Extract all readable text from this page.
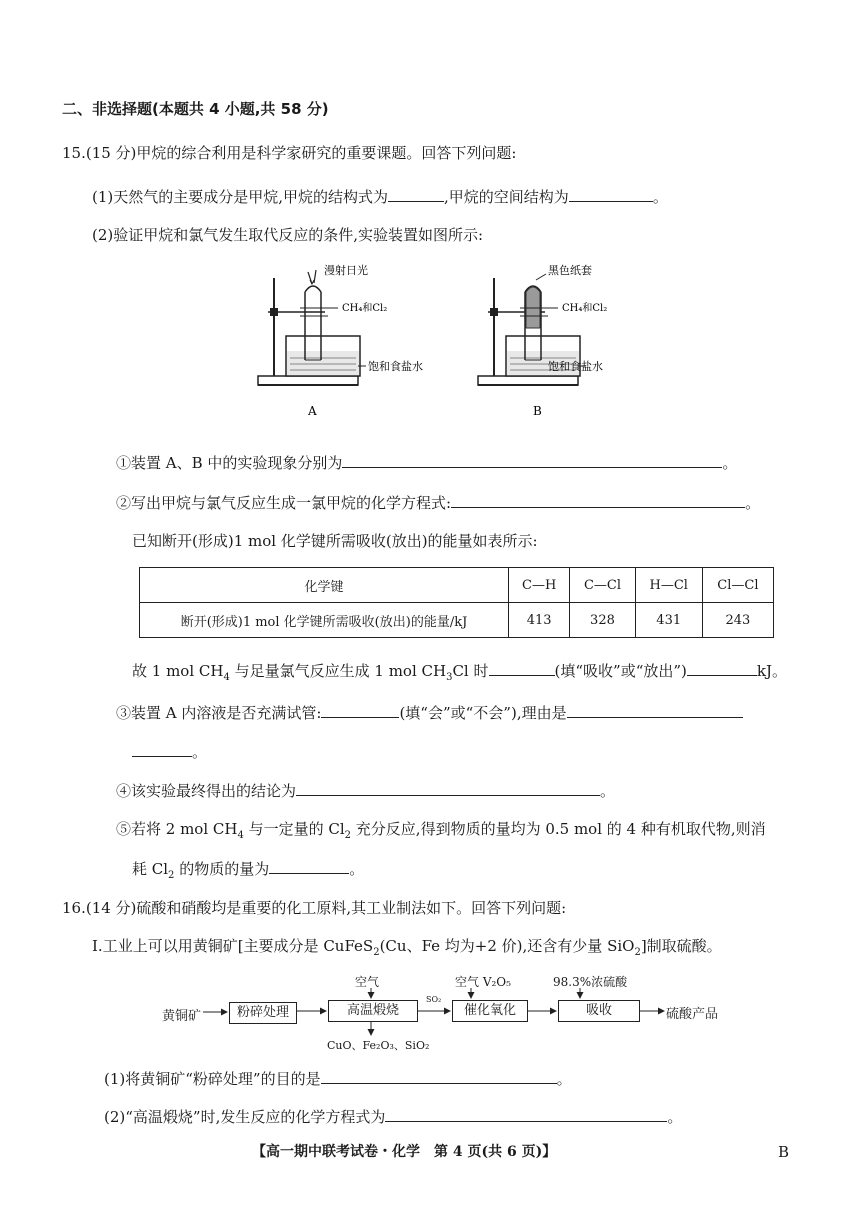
二、非选择题(本题共 4 小题,共 58 分)
15.(15 分)甲烷的综合利用是科学家研究的重要课题。回答下列问题:
(1)天然气的主要成分是甲烷,甲烷的结构式为	,甲烷的空间结构为	。
(2)验证甲烷和氯气发生取代反应的条件,实验装置如图所示:
漫射日光
CH₄和Cl₂
饱和食盐水
A
黑色纸套
CH₄和Cl₂
饱和食盐水
B
①装置 A、B 中的实验现象分别为	。
②写出甲烷与氯气反应生成一氯甲烷的化学方程式:	。
已知断开(形成)1 mol 化学键所需吸收(放出)的能量如表所示:
化学键	C—H	C—Cl	H—Cl	Cl—Cl
断开(形成)1 mol 化学键所需吸收(放出)的能量/kJ	413	328	431	243
故 1 mol $CH_4$ 与足量氯气反应生成 1 mol $CH_3Cl$ 时	(填“吸收”或“放出”)	kJ。
③装置 A 内溶液是否充满试管:	(填“会”或“不会”),理由是
。
④该实验最终得出的结论为	。
⑤若将 2 mol $CH_4$ 与一定量的 $Cl_2$ 充分反应,得到物质的量均为 0.5 mol 的 4 种有机取代物,则消
耗 $Cl_2$ 的物质的量为	。
16.(14 分)硫酸和硝酸均是重要的化工原料,其工业制法如下。回答下列问题:
Ⅰ.工业上可以用黄铜矿[主要成分是 CuFeS$_2$(Cu、Fe 均为+2 价),还含有少量 SiO$_2$]制取硫酸。
黄铜矿	粉碎处理	高温煅烧	催化氧化	吸收	硫酸产品
空气	空气 V₂O₅	98.3%浓硫酸
SO₂
CuO、Fe₂O₃、SiO₂
(1)将黄铜矿“粉碎处理”的目的是	。
(2)“高温煅烧”时,发生反应的化学方程式为	。
【高一期中联考试卷・化学　第 4 页(共 6 页)】	B
